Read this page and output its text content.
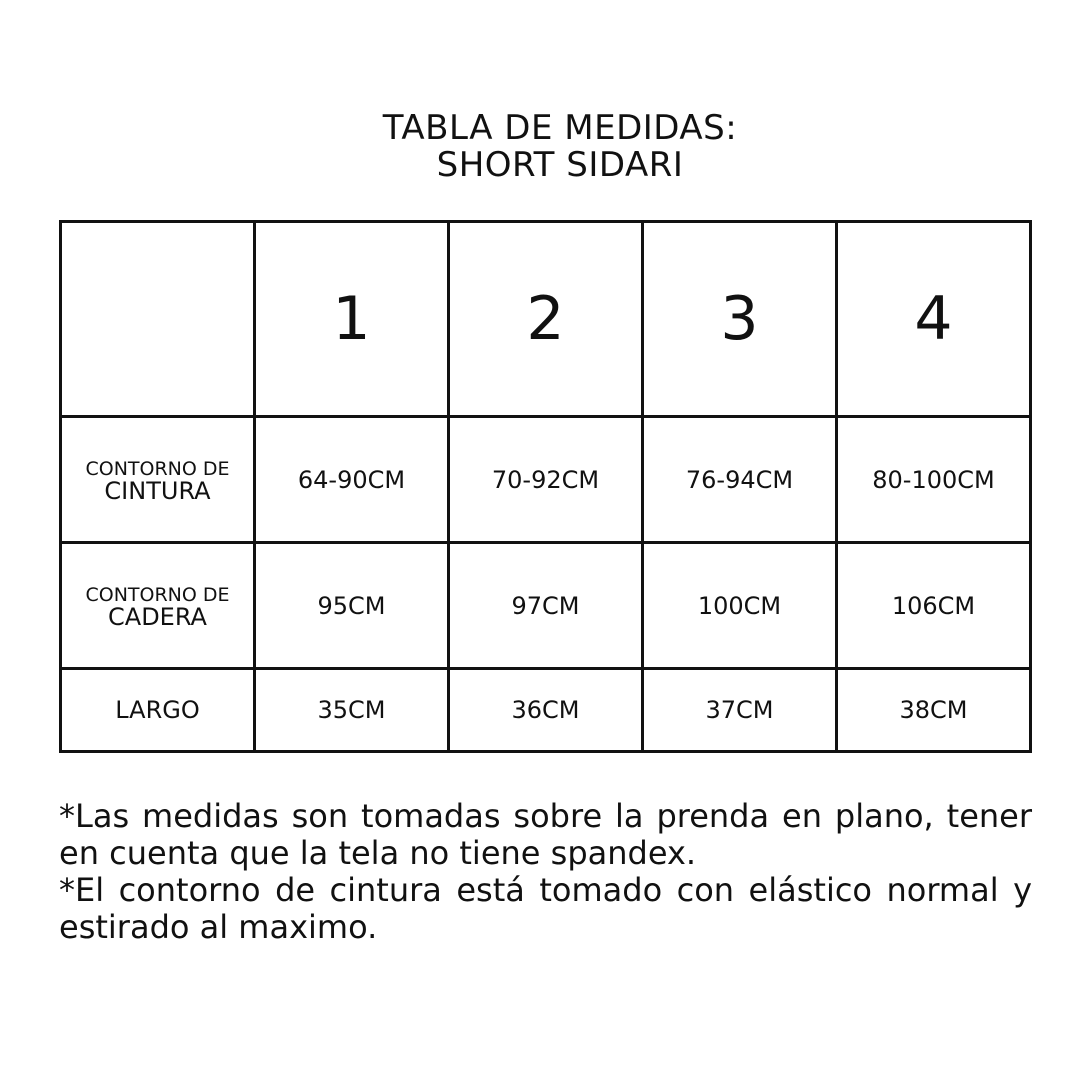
TABLA DE MEDIDAS:
SHORT SIDARI
	1	2	3	4

CONTORNO DE
CINTURA	64-90CM	70-92CM	76-94CM	80-100CM

CONTORNO DE
CADERA	95CM	97CM	100CM	106CM
LARGO	35CM	36CM	37CM	38CM

*Las medidas son tomadas sobre la prenda en plano, tener en cuenta que la tela no tiene spandex.

*El contorno de cintura está tomado con elástico normal y estirado al maximo.
